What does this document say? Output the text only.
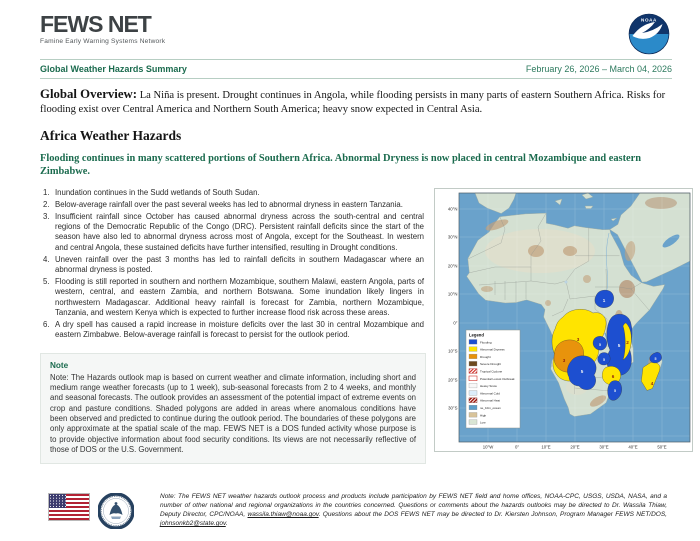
FEWS NET
Famine Early Warning Systems Network
NOAA
Global Weather Hazards Summary	February 26, 2026 – March 04, 2026

Global Overview: La Niña is present. Drought continues in Angola, while flooding persists in many parts of eastern Southern Africa. Risks for flooding exist over Central America and Northern South America; heavy snow expected in Central Asia.

Africa Weather Hazards

Flooding continues in many scattered portions of Southern Africa. Abnormal Dryness is now placed in central Mozambique and eastern Zimbabwe.

1. Inundation continues in the Sudd wetlands of South Sudan.
2. Below-average rainfall over the past several weeks has led to abnormal dryness in eastern Tanzania.
3. Insufficient rainfall since October has caused abnormal dryness across the south-central and central regions of the Democratic Republic of the Congo (DRC). Persistent rainfall deficits since the start of the season have also led to abnormal dryness across most of Angola, except for the Southeast. In western and central Angola, these sustained deficits have further intensified, resulting in Drought conditions.
4. Uneven rainfall over the past 3 months has led to rainfall deficits in southern Madagascar where an abnormal dryness is posted.
5. Flooding is still reported in southern and northern Mozambique, southern Malawi, eastern Angola, parts of western, central, and eastern Zambia, and northern Botswana. Some inundation likely lingers in northwestern Madagascar. Additional heavy rainfall is forecast for Zambia, northern Mozambique, Tanzania, and western Kenya which is expected to further increase flood risk across these areas.
6. A dry spell has caused a rapid increase in moisture deficits over the last 30 in central Mozambique and eastern Zimbabwe. Below-average rainfall is forecast to persist for the outlook period.
Note

Note: The Hazards outlook map is based on current weather and climate information, including short and medium range weather forecasts (up to 1 week), sub-seasonal forecasts from 2 to 4 weeks, and monthly and seasonal forecasts. The outlook provides an assessment of the potential impact of extreme events on crop and pasture conditions. Shaded polygons are added in areas where anomalous conditions have been observed and predicted to continue during the outlook period. The boundaries of these polygons are only approximate at the spatial scale of the map. FEWS NET is a DOS funded activity whose purpose is to provide objective information about food security conditions. Its views are not necessarily reflective of those of DOS or the U.S. Government.

1
5
2
3
3
5
5
5
6
5
5
4
Legend
Flooding
Abnormal Dryness
Drought
Severe Drought
Tropical Cyclone
Potential Locust Outbreak
Heavy Snow
Abnormal Cold
Abnormal Heat
ne_10m_ocean
High
Low
10°W	0°	10°E	20°E	30°E	40°E	50°E
40°N
30°N
20°N
10°N
0°
10°S
20°S
30°S

Note: The FEWS NET weather hazards outlook process and products include participation by FEWS NET field and home offices, NOAA-CPC, USGS, USDA, NASA, and a number of other national and regional organizations in the countries concerned. Questions or comments about the hazards outlooks may be directed to Dr. Wassila Thiaw, Deputy Director, CPC/NOAA, wassila.thiaw@noaa.gov. Questions about the DOS FEWS NET may be directed to Dr. Kiersten Johnson, Program Manager FEWS NET/DOS, johnsonkb2@state.gov.
